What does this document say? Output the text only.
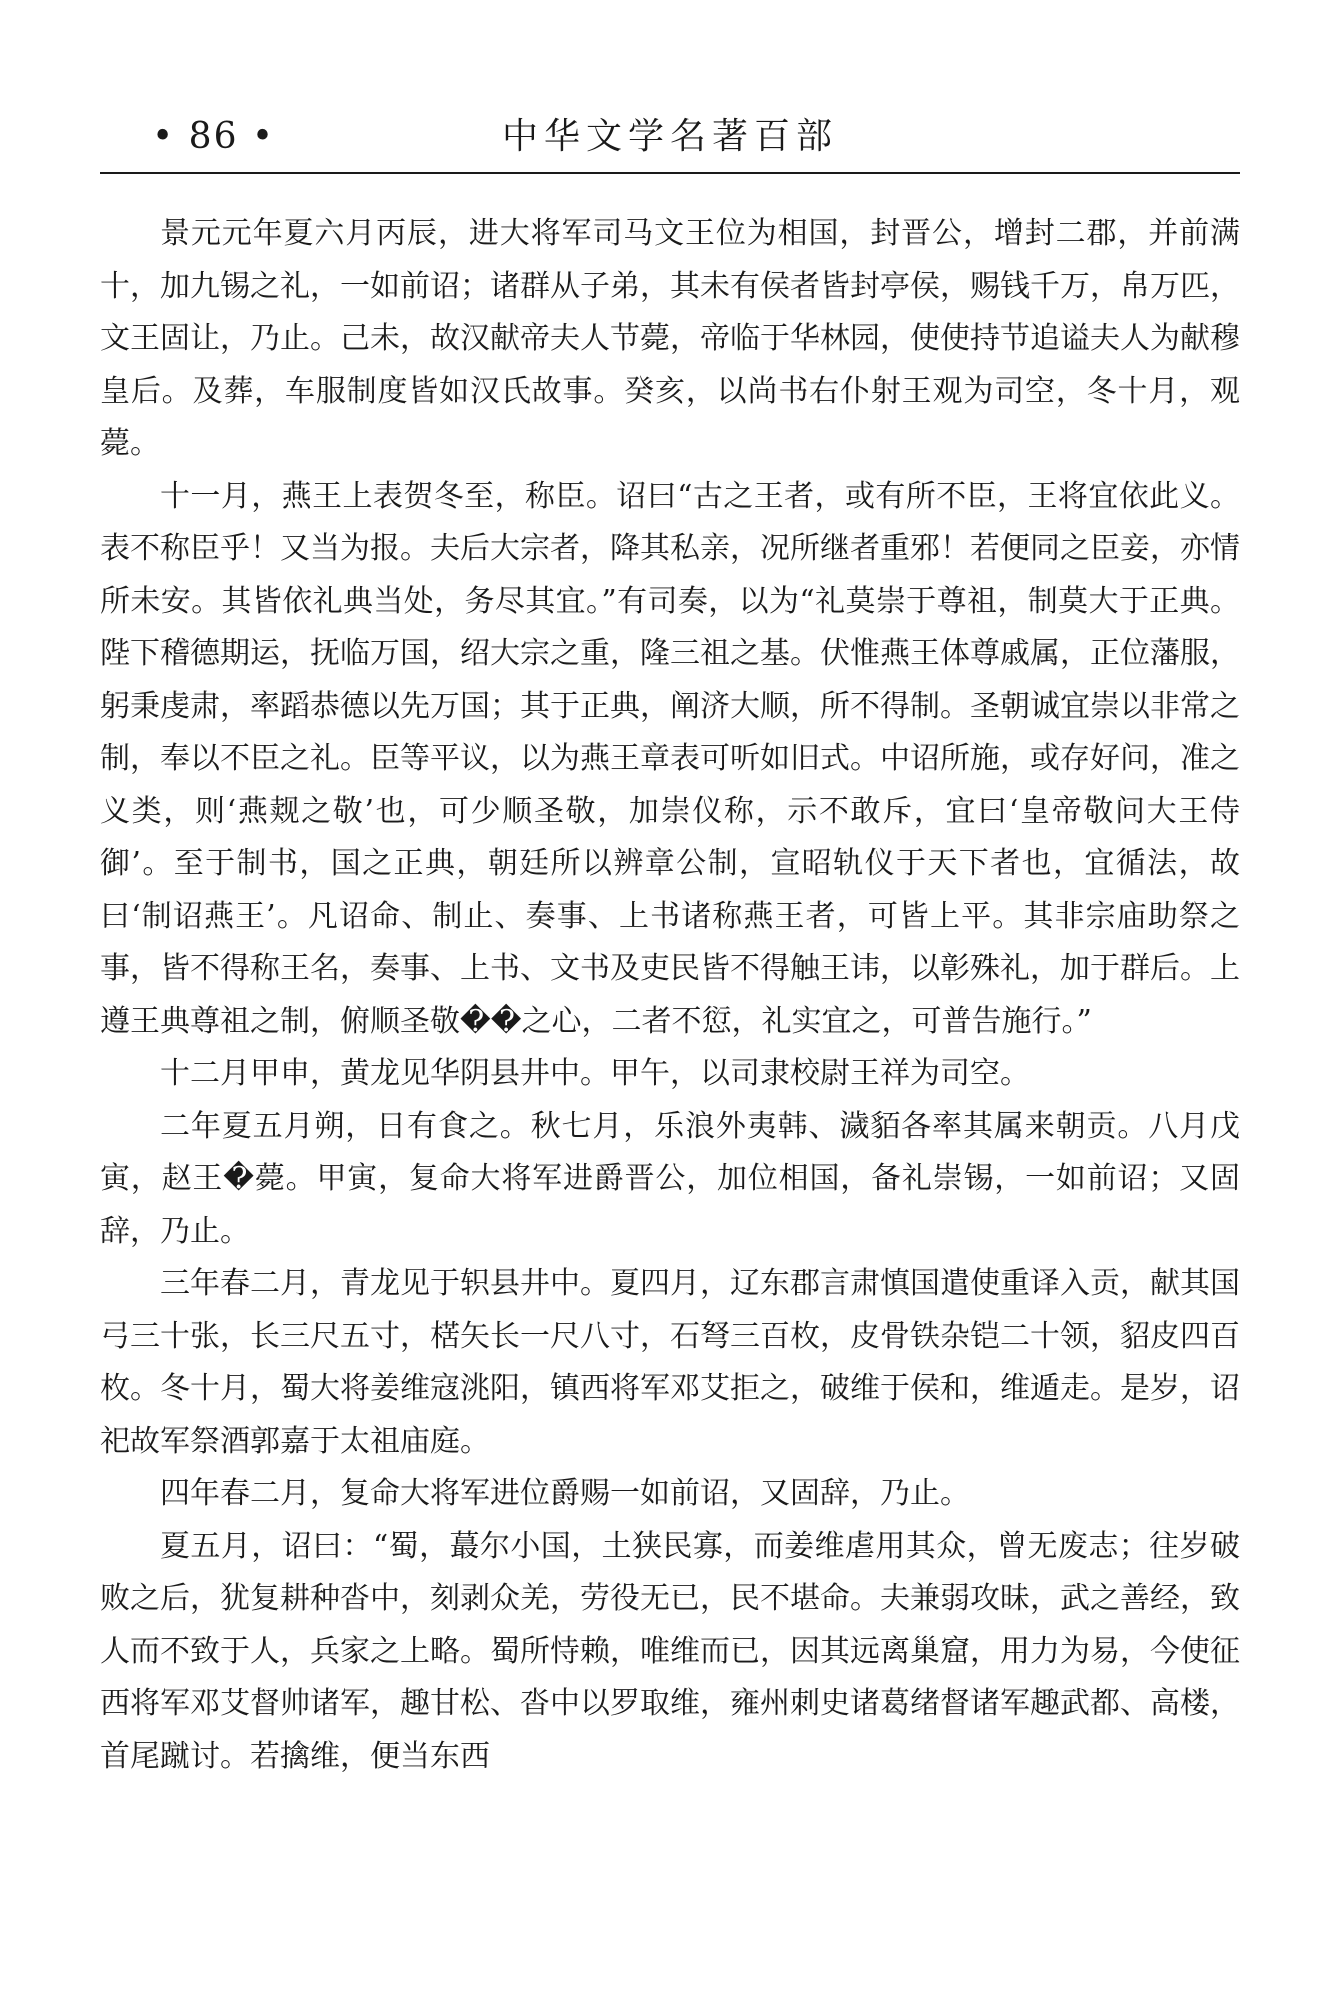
• 86 •	中华文学名著百部

景元元年夏六月丙辰，进大将军司马文王位为相国，封晋公，增封二郡，并前满十，加九锡之礼，一如前诏；诸群从子弟，其未有侯者皆封亭侯，赐钱千万，帛万匹，文王固让，乃止。己未，故汉献帝夫人节薨，帝临于华林园，使使持节追谥夫人为献穆皇后。及葬，车服制度皆如汉氏故事。癸亥，以尚书右仆射王观为司空，冬十月，观薨。

十一月，燕王上表贺冬至，称臣。诏曰“古之王者，或有所不臣，王将宜依此义。表不称臣乎！又当为报。夫后大宗者，降其私亲，况所继者重邪！若便同之臣妾，亦情所未安。其皆依礼典当处，务尽其宜。”有司奏，以为“礼莫崇于尊祖，制莫大于正典。陛下稽德期运，抚临万国，绍大宗之重，隆三祖之基。伏惟燕王体尊戚属，正位藩服，躬秉虔肃，率蹈恭德以先万国；其于正典，阐济大顺，所不得制。圣朝诚宜崇以非常之制，奉以不臣之礼。臣等平议，以为燕王章表可听如旧式。中诏所施，或存好问，准之义类，则‘燕觌之敬’也，可少顺圣敬，加崇仪称，示不敢斥，宜曰‘皇帝敬问大王侍御’。至于制书，国之正典，朝廷所以辨章公制，宣昭轨仪于天下者也，宜循法，故曰‘制诏燕王’。凡诏命、制止、奏事、上书诸称燕王者，可皆上平。其非宗庙助祭之事，皆不得称王名，奏事、上书、文书及吏民皆不得触王讳，以彰殊礼，加于群后。上遵王典尊祖之制，俯顺圣敬��之心，二者不愆，礼实宜之，可普告施行。”

十二月甲申，黄龙见华阴县井中。甲午，以司隶校尉王祥为司空。

二年夏五月朔，日有食之。秋七月，乐浪外夷韩、濊貊各率其属来朝贡。八月戊寅，赵王�薨。甲寅，复命大将军进爵晋公，加位相国，备礼崇锡，一如前诏；又固辞，乃止。

三年春二月，青龙见于轵县井中。夏四月，辽东郡言肃慎国遣使重译入贡，献其国弓三十张，长三尺五寸，楛矢长一尺八寸，石弩三百枚，皮骨铁杂铠二十领，貂皮四百枚。冬十月，蜀大将姜维寇洮阳，镇西将军邓艾拒之，破维于侯和，维遁走。是岁，诏祀故军祭酒郭嘉于太祖庙庭。

四年春二月，复命大将军进位爵赐一如前诏，又固辞，乃止。

夏五月，诏曰：“蜀，蕞尔小国，土狭民寡，而姜维虐用其众，曾无废志；往岁破败之后，犹复耕种沓中，刻剥众羌，劳役无已，民不堪命。夫兼弱攻昧，武之善经，致人而不致于人，兵家之上略。蜀所恃赖，唯维而已，因其远离巢窟，用力为易，今使征西将军邓艾督帅诸军，趣甘松、沓中以罗取维，雍州刺史诸葛绪督诸军趣武都、高楼，首尾蹴讨。若擒维，便当东西
